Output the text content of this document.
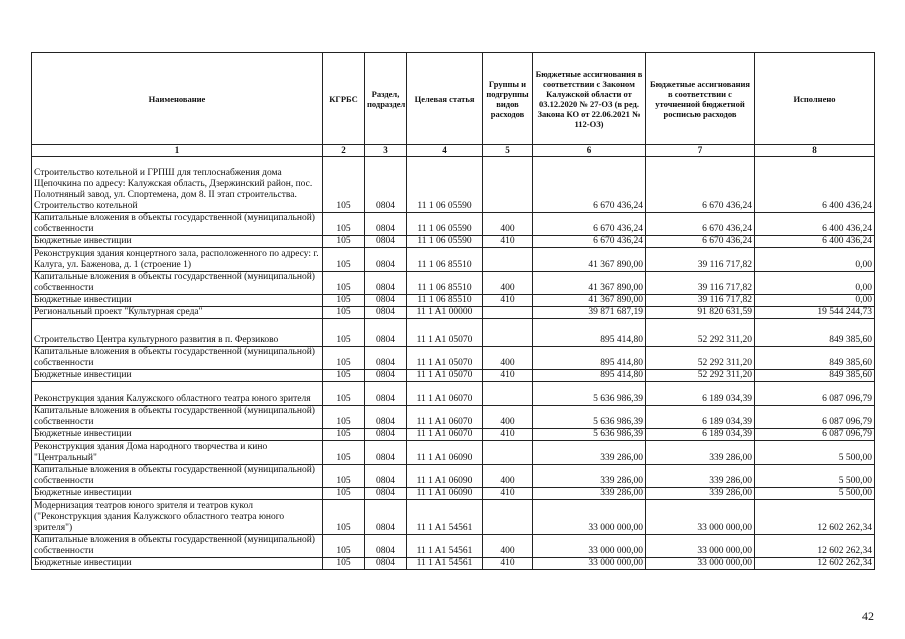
Наименование	КГРБС	Раздел, подраздел	Целевая статья	Группы и подгруппы видов расходов	Бюджетные ассигнования в соответствии с Законом Калужской области от 03.12.2020 № 27-ОЗ (в ред. Закона КО от 22.06.2021 № 112-ОЗ)	Бюджетные ассигнования в соответствии с уточненной бюджетной росписью расходов	Исполнено
1	2	3	4	5	6	7	8
Строительство котельной и ГРПШ для теплоснабжения дома Щепочкина по адресу: Калужская область, Дзержинский район, пос. Полотняный завод, ул. Спортемена, дом 8. II этап строительства. Строительство котельной	105	0804	11 1 06 05590		6 670 436,24	6 670 436,24	6 400 436,24
Капитальные вложения в объекты государственной (муниципальной) собственности	105	0804	11 1 06 05590	400	6 670 436,24	6 670 436,24	6 400 436,24
Бюджетные инвестиции	105	0804	11 1 06 05590	410	6 670 436,24	6 670 436,24	6 400 436,24
Реконструкция здания концертного зала, расположенного по адресу: г. Калуга, ул. Баженова, д. 1 (строение 1)	105	0804	11 1 06 85510		41 367 890,00	39 116 717,82	0,00
Капитальные вложения в объекты государственной (муниципальной) собственности	105	0804	11 1 06 85510	400	41 367 890,00	39 116 717,82	0,00
Бюджетные инвестиции	105	0804	11 1 06 85510	410	41 367 890,00	39 116 717,82	0,00
Региональный проект "Культурная среда"	105	0804	11 1 A1 00000		39 871 687,19	91 820 631,59	19 544 244,73
Строительство Центра культурного развития в п. Ферзиково	105	0804	11 1 A1 05070		895 414,80	52 292 311,20	849 385,60
Капитальные вложения в объекты государственной (муниципальной) собственности	105	0804	11 1 A1 05070	400	895 414,80	52 292 311,20	849 385,60
Бюджетные инвестиции	105	0804	11 1 A1 05070	410	895 414,80	52 292 311,20	849 385,60
Реконструкция здания Калужского областного театра юного зрителя	105	0804	11 1 A1 06070		5 636 986,39	6 189 034,39	6 087 096,79
Капитальные вложения в объекты государственной (муниципальной) собственности	105	0804	11 1 A1 06070	400	5 636 986,39	6 189 034,39	6 087 096,79
Бюджетные инвестиции	105	0804	11 1 A1 06070	410	5 636 986,39	6 189 034,39	6 087 096,79
Реконструкция здания Дома народного творчества и кино "Центральный"	105	0804	11 1 A1 06090		339 286,00	339 286,00	5 500,00
Капитальные вложения в объекты государственной (муниципальной) собственности	105	0804	11 1 A1 06090	400	339 286,00	339 286,00	5 500,00
Бюджетные инвестиции	105	0804	11 1 A1 06090	410	339 286,00	339 286,00	5 500,00
Модернизация театров юного зрителя и театров кукол ("Реконструкция здания Калужского областного театра юного зрителя")	105	0804	11 1 A1 54561		33 000 000,00	33 000 000,00	12 602 262,34
Капитальные вложения в объекты государственной (муниципальной) собственности	105	0804	11 1 A1 54561	400	33 000 000,00	33 000 000,00	12 602 262,34
Бюджетные инвестиции	105	0804	11 1 A1 54561	410	33 000 000,00	33 000 000,00	12 602 262,34
42
